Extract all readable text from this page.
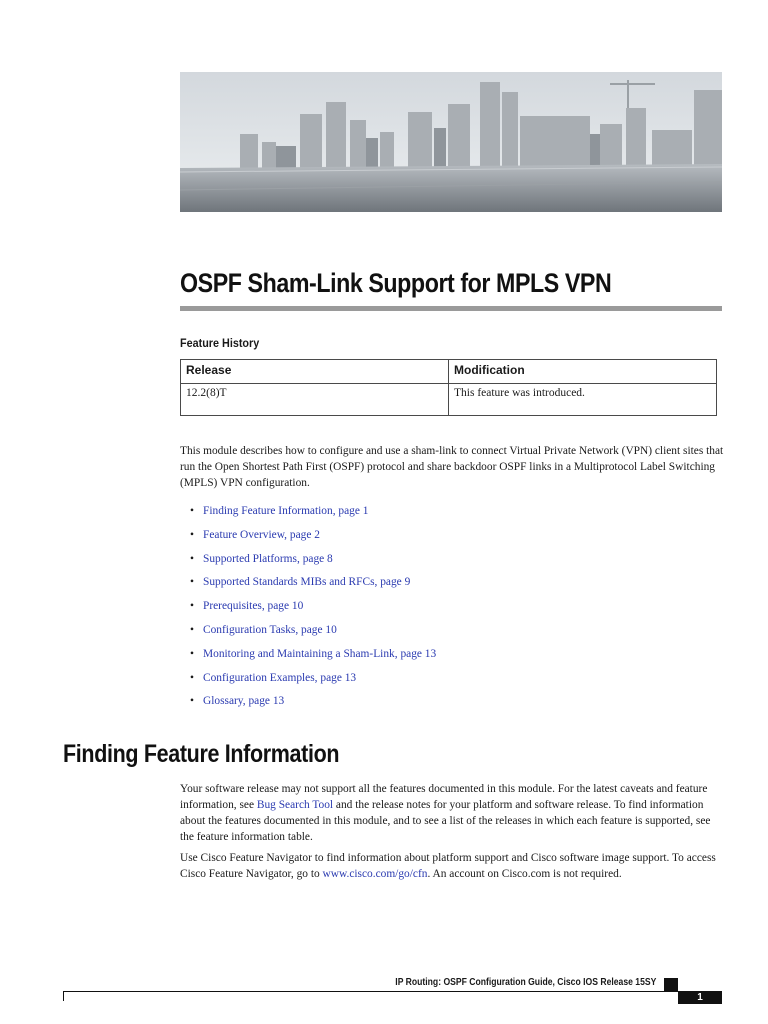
OSPF Sham-Link Support for MPLS VPN
Feature History
Release	Modification
12.2(8)T	This feature was introduced.

This module describes how to configure and use a sham-link to connect Virtual Private Network (VPN) client sites that run the Open Shortest Path First (OSPF) protocol and share backdoor OSPF links in a Multiprotocol Label Switching (MPLS) VPN configuration.

• Finding Feature Information, page 1
• Feature Overview, page 2
• Supported Platforms, page 8
• Supported Standards MIBs and RFCs, page 9
• Prerequisites, page 10
• Configuration Tasks, page 10
• Monitoring and Maintaining a Sham-Link, page 13
• Configuration Examples, page 13
• Glossary, page 13
Finding Feature Information

Your software release may not support all the features documented in this module. For the latest caveats and feature information, see Bug Search Tool and the release notes for your platform and software release. To find information about the features documented in this module, and to see a list of the releases in which each feature is supported, see the feature information table.

Use Cisco Feature Navigator to find information about platform support and Cisco software image support. To access Cisco Feature Navigator, go to www.cisco.com/go/cfn. An account on Cisco.com is not required.

IP Routing: OSPF Configuration Guide, Cisco IOS Release 15SY
1
